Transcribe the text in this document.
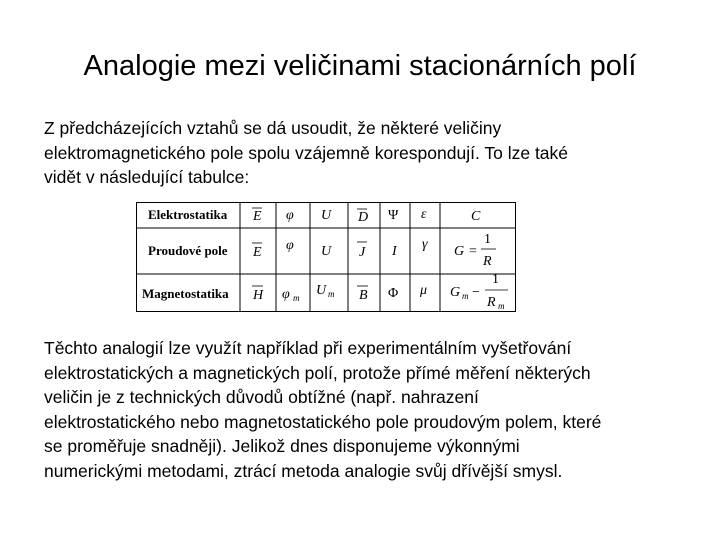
Analogie mezi veličinami stacionárních polí
Z předcházejících vztahů se dá usoudit, že některé veličiny
elektromagnetického pole spolu vzájemně korespondují. To lze také
vidět v následující tabulce:
Elektrostatika E φ U D Ψ ε	C
Proudové pole E φ U J I γ G =
1
R
Magnetostatika H φ m U m B Φ μ G m −
1
R m
Těchto analogií lze využít například při experimentálním vyšetřování
elektrostatických a magnetických polí, protože přímé měření některých
veličin je z technických důvodů obtížné (např. nahrazení
elektrostatického nebo magnetostatického pole proudovým polem, které
se proměřuje snadněji). Jelikož dnes disponujeme výkonnými
numerickými metodami, ztrácí metoda analogie svůj dřívější smysl.
